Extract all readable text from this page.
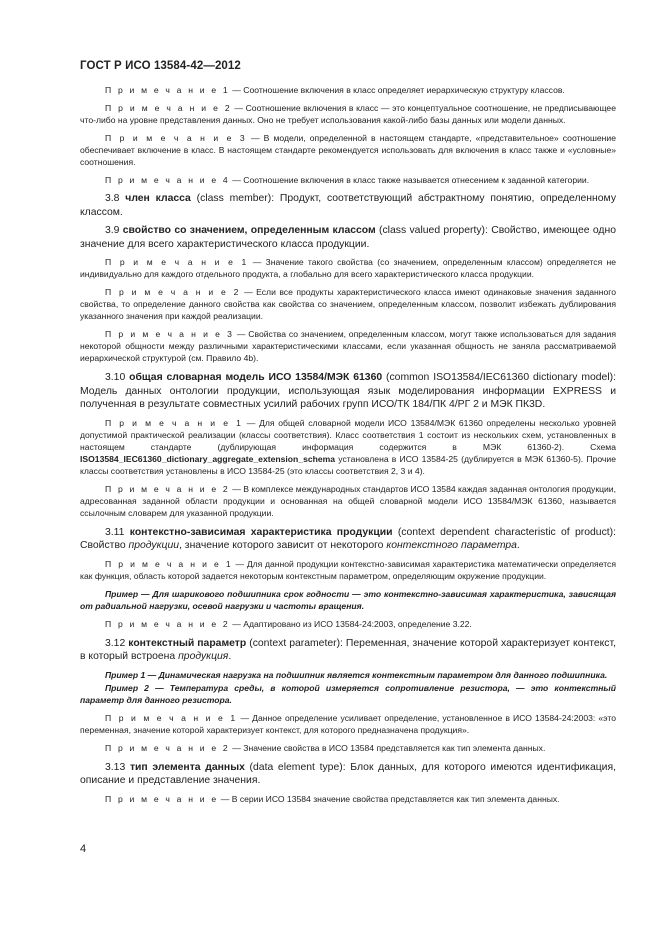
ГОСТ Р ИСО 13584-42—2012

П р и м е ч а н и е 1 — Соотношение включения в класс определяет иерархическую структуру классов.

П р и м е ч а н и е 2 — Соотношение включения в класс — это концептуальное соотношение, не предписывающее что-либо на уровне представления данных. Оно не требует использования какой-либо базы данных или модели данных.

П р и м е ч а н и е 3 — В модели, определенной в настоящем стандарте, «представительное» соотношение обеспечивает включение в класс. В настоящем стандарте рекомендуется использовать для включения в класс также и «условные» соотношения.

П р и м е ч а н и е 4 — Соотношение включения в класс также называется отнесением к заданной категории.

3.8 член класса (class member): Продукт, соответствующий абстрактному понятию, определенному классом.

3.9 свойство со значением, определенным классом (class valued property): Свойство, имеющее одно значение для всего характеристического класса продукции.

П р и м е ч а н и е 1 — Значение такого свойства (со значением, определенным классом) определяется не индивидуально для каждого отдельного продукта, а глобально для всего характеристического класса продукции.

П р и м е ч а н и е 2 — Если все продукты характеристического класса имеют одинаковые значения заданного свойства, то определение данного свойства как свойства со значением, определенным классом, позволит избежать дублирования указанного значения при каждой реализации.

П р и м е ч а н и е 3 — Свойства со значением, определенным классом, могут также использоваться для задания некоторой общности между различными характеристическими классами, если указанная общность не заняла рассматриваемой иерархической структурой (см. Правило 4b).

3.10 общая словарная модель ИСО 13584/МЭК 61360 (common ISO13584/IEC61360 dictionary model): Модель данных онтологии продукции, использующая язык моделирования информации EXPRESS и полученная в результате совместных усилий рабочих групп ИСО/ТК 184/ПК 4/РГ 2 и МЭК ПК3D.

П р и м е ч а н и е 1 — Для общей словарной модели ИСО 13584/МЭК 61360 определены несколько уровней допустимой практической реализации (классы соответствия). Класс соответствия 1 состоит из нескольких схем, установленных в настоящем стандарте (дублирующая информация содержится в МЭК 61360-2). Схема ISO13584_IEC61360_dictionary_aggregate_extension_schema установлена в ИСО 13584-25 (дублируется в МЭК 61360-5). Прочие классы соответствия установлены в ИСО 13584-25 (это классы соответствия 2, 3 и 4).

П р и м е ч а н и е 2 — В комплексе международных стандартов ИСО 13584 каждая заданная онтология продукции, адресованная заданной области продукции и основанная на общей словарной модели ИСО 13584/МЭК 61360, называется ссылочным словарем для указанной продукции.

3.11 контекстно-зависимая характеристика продукции (context dependent characteristic of product): Свойство продукции, значение которого зависит от некоторого контекстного параметра.

П р и м е ч а н и е 1 — Для данной продукции контекстно-зависимая характеристика математически определяется как функция, область которой задается некоторым контекстным параметром, определяющим окружение продукции.

Пример — Для шарикового подшипника срок годности — это контекстно-зависимая характеристика, зависящая от радиальной нагрузки, осевой нагрузки и частоты вращения.

П р и м е ч а н и е 2 — Адаптировано из ИСО 13584-24:2003, определение 3.22.

3.12 контекстный параметр (context parameter): Переменная, значение которой характеризует контекст, в который встроена продукция.

Пример 1 — Динамическая нагрузка на подшипник является контекстным параметром для данного подшипника.

Пример 2 — Температура среды, в которой измеряется сопротивление резистора, — это контекстный параметр для данного резистора.

П р и м е ч а н и е 1 — Данное определение усиливает определение, установленное в ИСО 13584-24:2003: «это переменная, значение которой характеризует контекст, для которого предназначена продукция».

П р и м е ч а н и е 2 — Значение свойства в ИСО 13584 представляется как тип элемента данных.

3.13 тип элемента данных (data element type): Блок данных, для которого имеются идентификация, описание и представление значения.

П р и м е ч а н и е — В серии ИСО 13584 значение свойства представляется как тип элемента данных.

4
